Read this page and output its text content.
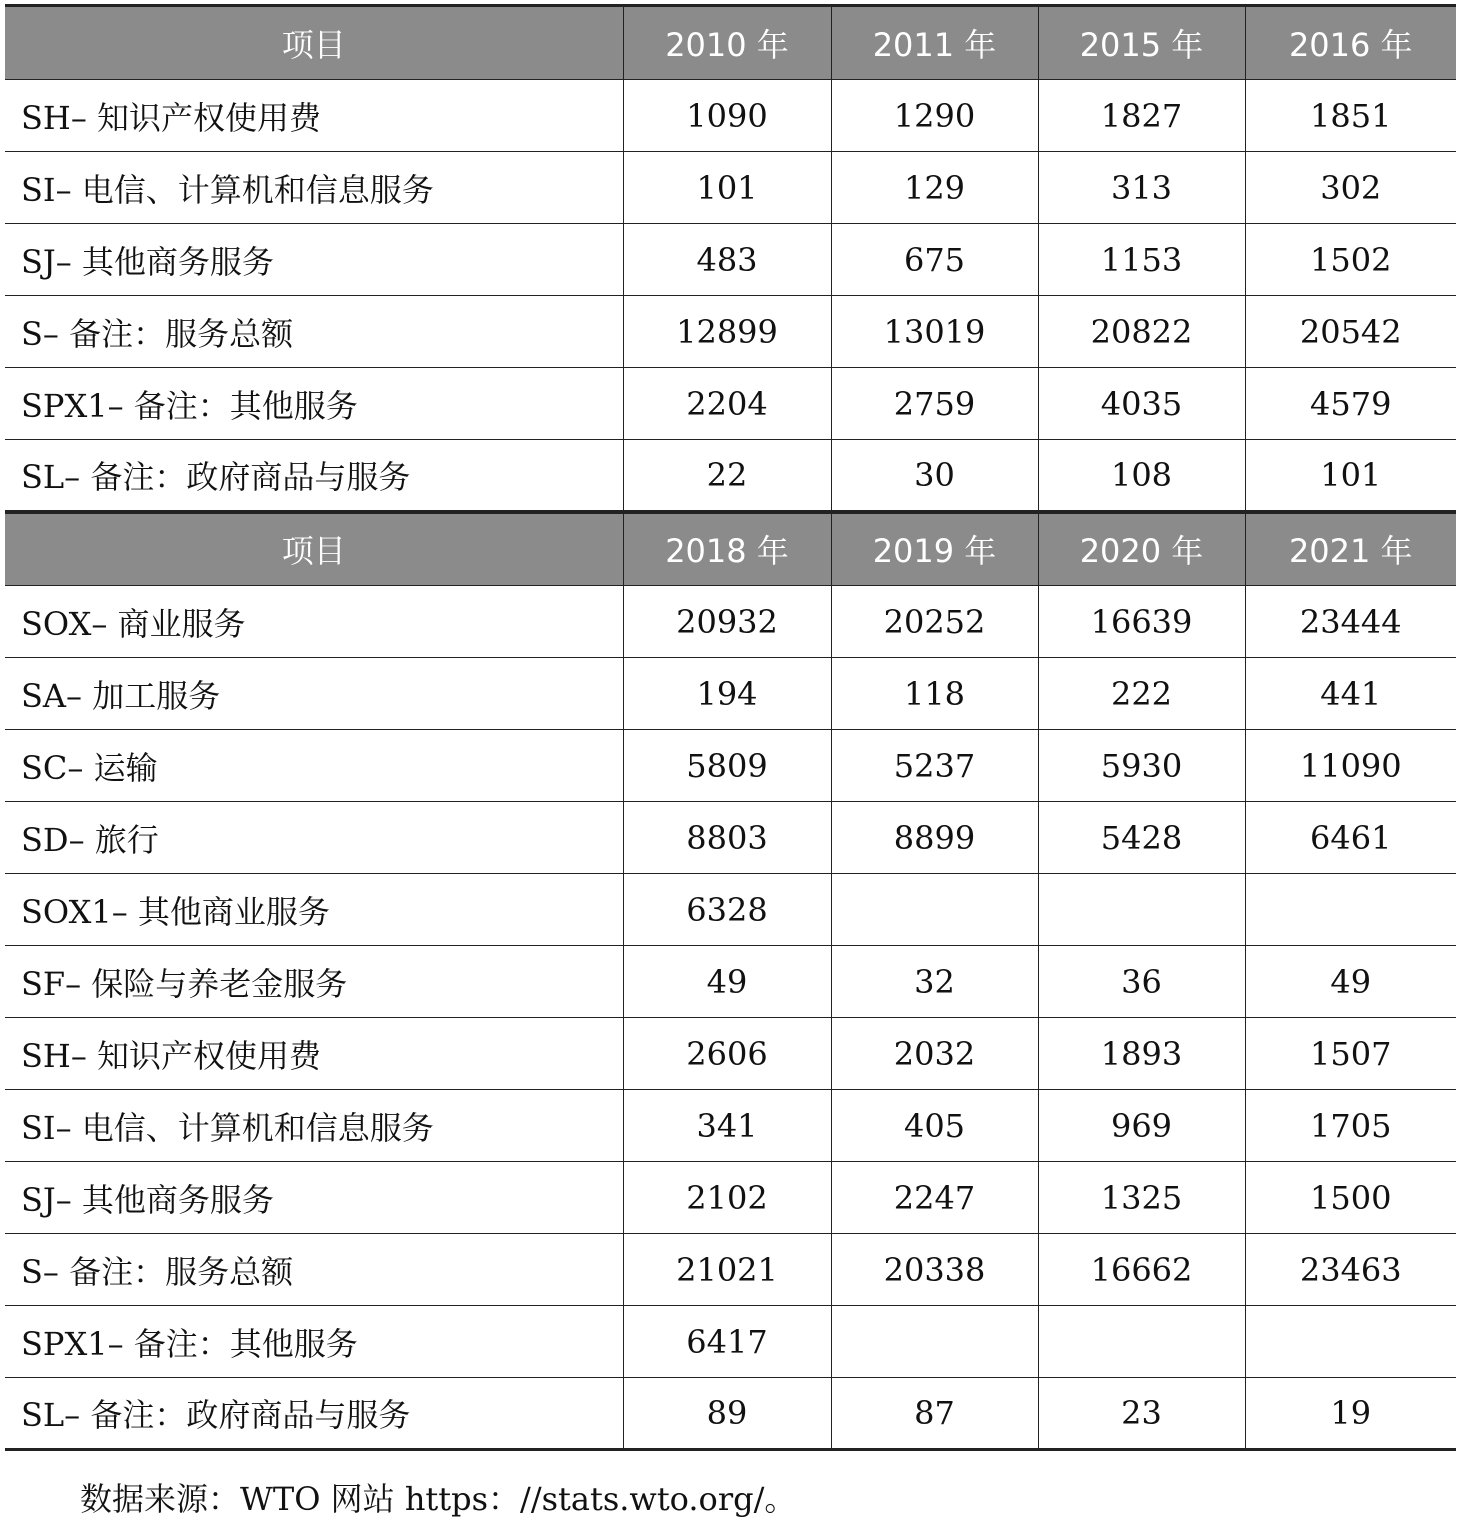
项目	2010 年	2011 年	2015 年	2016 年
SH– 知识产权使用费	1090	1290	1827	1851
SI– 电信、计算机和信息服务	101	129	313	302
SJ– 其他商务服务	483	675	1153	1502
S– 备注：服务总额	12899	13019	20822	20542
SPX1– 备注：其他服务	2204	2759	4035	4579
SL– 备注：政府商品与服务	22	30	108	101
项目	2018 年	2019 年	2020 年	2021 年
SOX– 商业服务	20932	20252	16639	23444
SA– 加工服务	194	118	222	441
SC– 运输	5809	5237	5930	11090
SD– 旅行	8803	8899	5428	6461
SOX1– 其他商业服务	6328			
SF– 保险与养老金服务	49	32	36	49
SH– 知识产权使用费	2606	2032	1893	1507
SI– 电信、计算机和信息服务	341	405	969	1705
SJ– 其他商务服务	2102	2247	1325	1500
S– 备注：服务总额	21021	20338	16662	23463
SPX1– 备注：其他服务	6417			
SL– 备注：政府商品与服务	89	87	23	19
数据来源：WTO 网站 https：//stats.wto.org/。
